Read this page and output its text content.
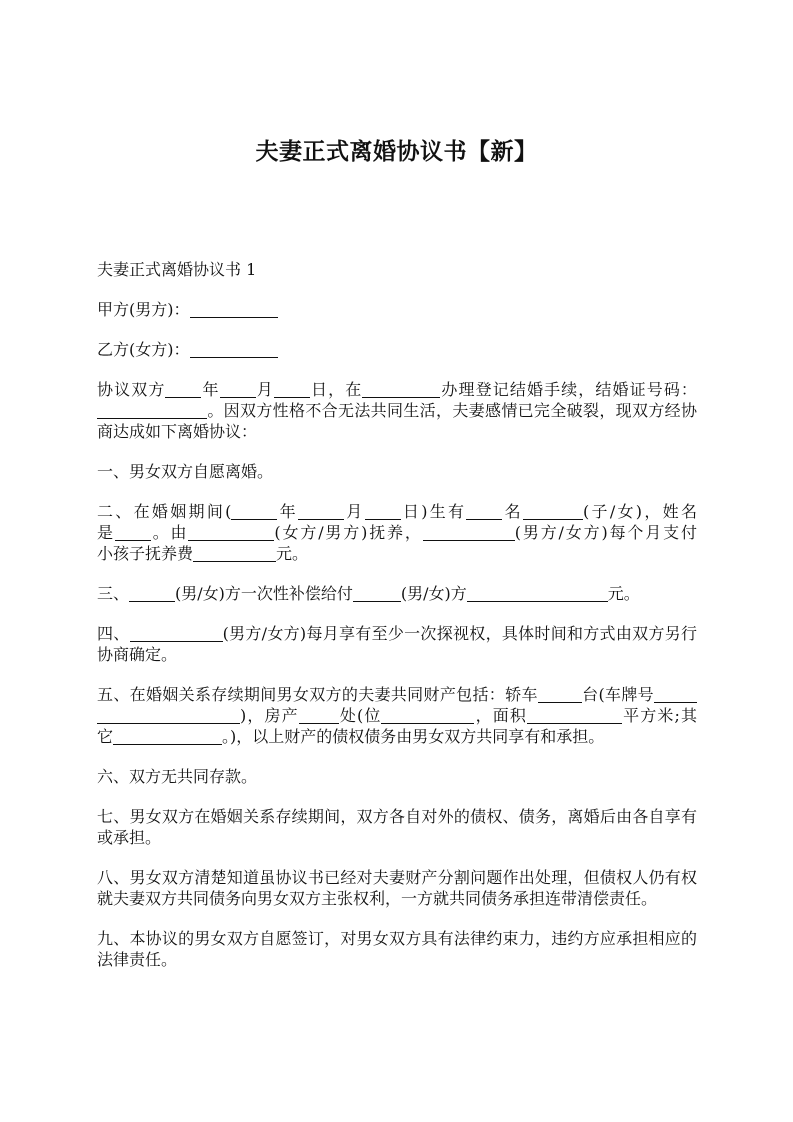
夫妻正式离婚协议书【新】

夫妻正式离婚协议书 1

甲方(男方)：

乙方(女方)：

协议双方 年 月 日，在	办理登记结婚手续，结婚证号码：
。因双方性格不合无法共同生活，夫妻感情已完全破裂，现双方经协
商达成如下离婚协议：

一、男女双方自愿离婚。

二、在婚姻期间(	年	月 日)生有 名	(子/女)，姓名
是 。由	(女方/男方)抚养，	(男方/女方)每个月支付
小孩子抚养费	元。

三、	(男/女)方一次性补偿给付	(男/女)方	元。

四、	(男方/女方)每月享有至少一次探视权，具体时间和方式由双方另行
协商确定。

五、在婚姻关系存续期间男女双方的夫妻共同财产包括：轿车	台(车牌号
)，房产	处(位	，面积	平方米;其
它	。)，以上财产的债权债务由男女双方共同享有和承担。

六、双方无共同存款。

七、男女双方在婚姻关系存续期间，双方各自对外的债权、债务，离婚后由各自享有
或承担。

八、男女双方清楚知道虽协议书已经对夫妻财产分割问题作出处理，但债权人仍有权
就夫妻双方共同债务向男女双方主张权利，一方就共同债务承担连带清偿责任。

九、本协议的男女双方自愿签订，对男女双方具有法律约束力，违约方应承担相应的
法律责任。
